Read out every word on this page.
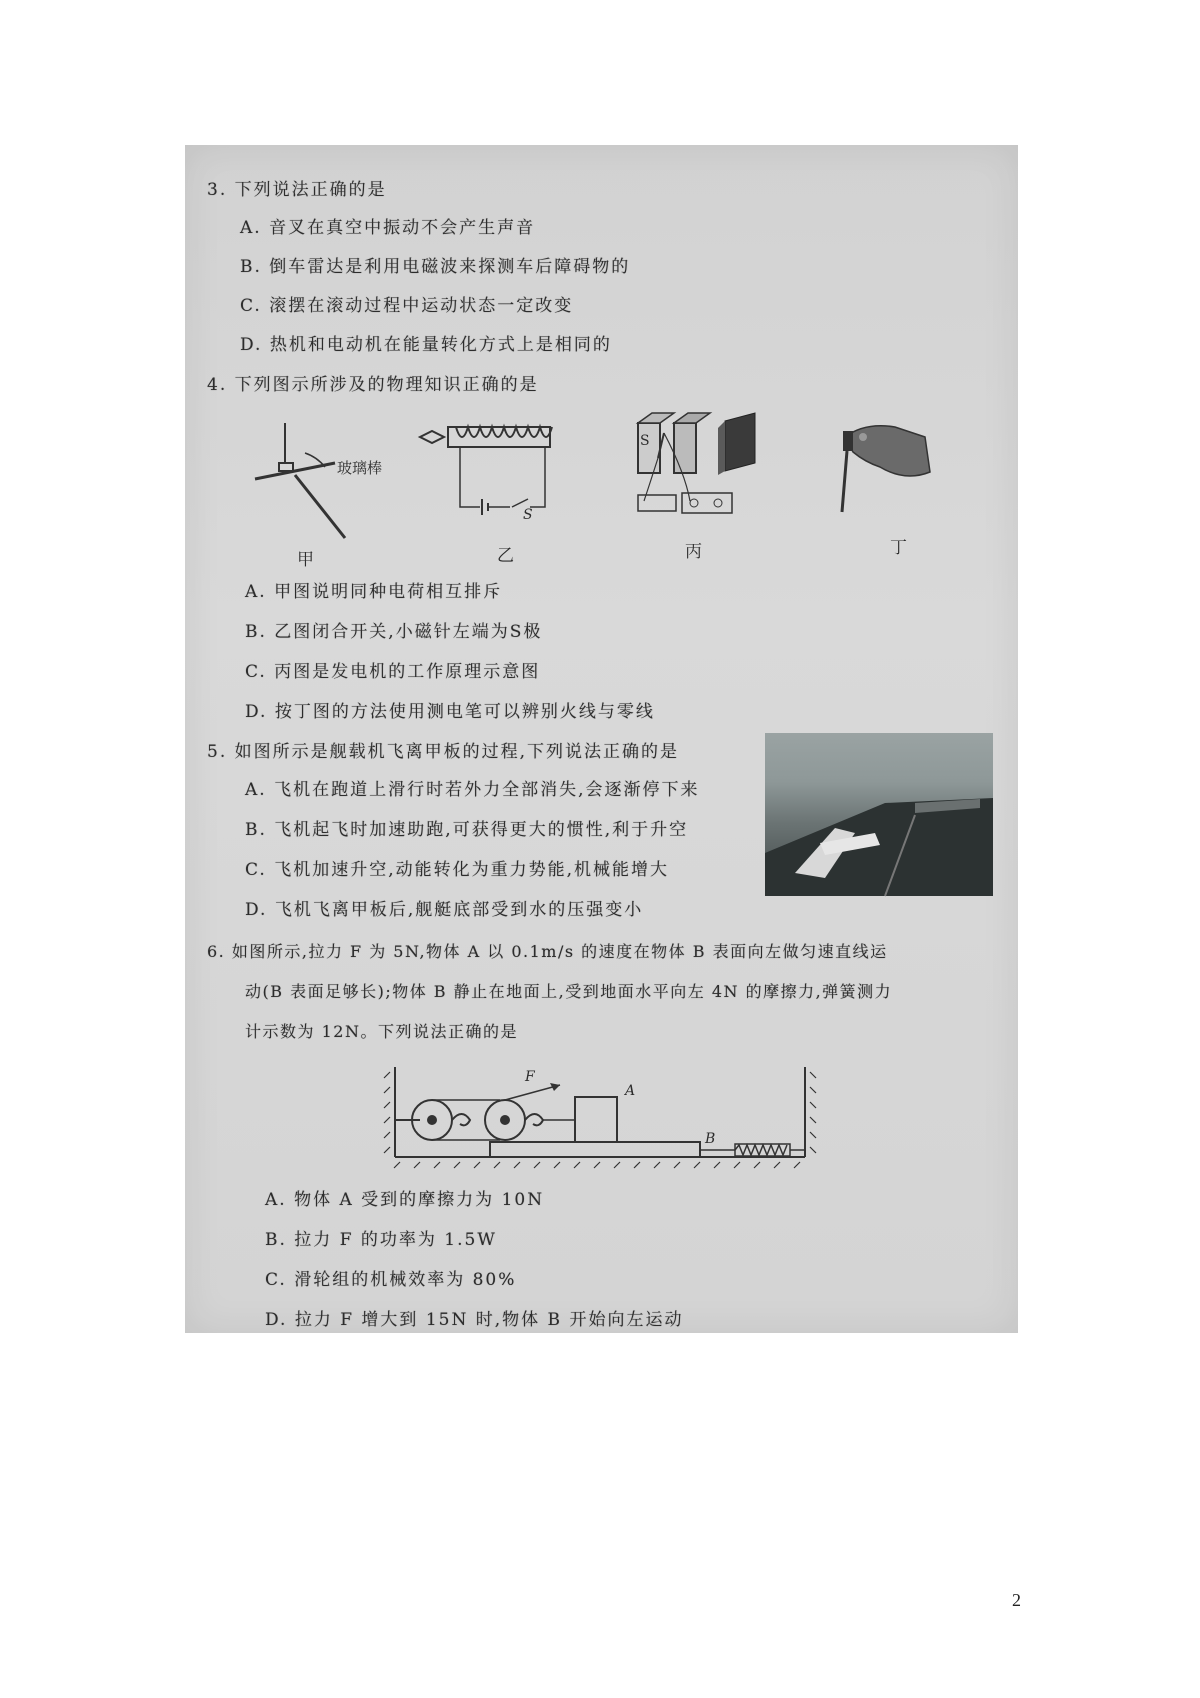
3. 下列说法正确的是
A. 音叉在真空中振动不会产生声音
B. 倒车雷达是利用电磁波来探测车后障碍物的
C. 滚摆在滚动过程中运动状态一定改变
D. 热机和电动机在能量转化方式上是相同的
4. 下列图示所涉及的物理知识正确的是
玻璃棒
S
S
甲	乙	丙	丁
A. 甲图说明同种电荷相互排斥
B. 乙图闭合开关,小磁针左端为S极
C. 丙图是发电机的工作原理示意图
D. 按丁图的方法使用测电笔可以辨别火线与零线
5. 如图所示是舰载机飞离甲板的过程,下列说法正确的是
A. 飞机在跑道上滑行时若外力全部消失,会逐渐停下来
B. 飞机起飞时加速助跑,可获得更大的惯性,利于升空
C. 飞机加速升空,动能转化为重力势能,机械能增大
D. 飞机飞离甲板后,舰艇底部受到水的压强变小
6. 如图所示,拉力 F 为 5N,物体 A 以 0.1m/s 的速度在物体 B 表面向左做匀速直线运
动(B 表面足够长);物体 B 静止在地面上,受到地面水平向左 4N 的摩擦力,弹簧测力
计示数为 12N。下列说法正确的是
F
A
B
A. 物体 A 受到的摩擦力为 10N
B. 拉力 F 的功率为 1.5W
C. 滑轮组的机械效率为 80%
D. 拉力 F 增大到 15N 时,物体 B 开始向左运动
2
